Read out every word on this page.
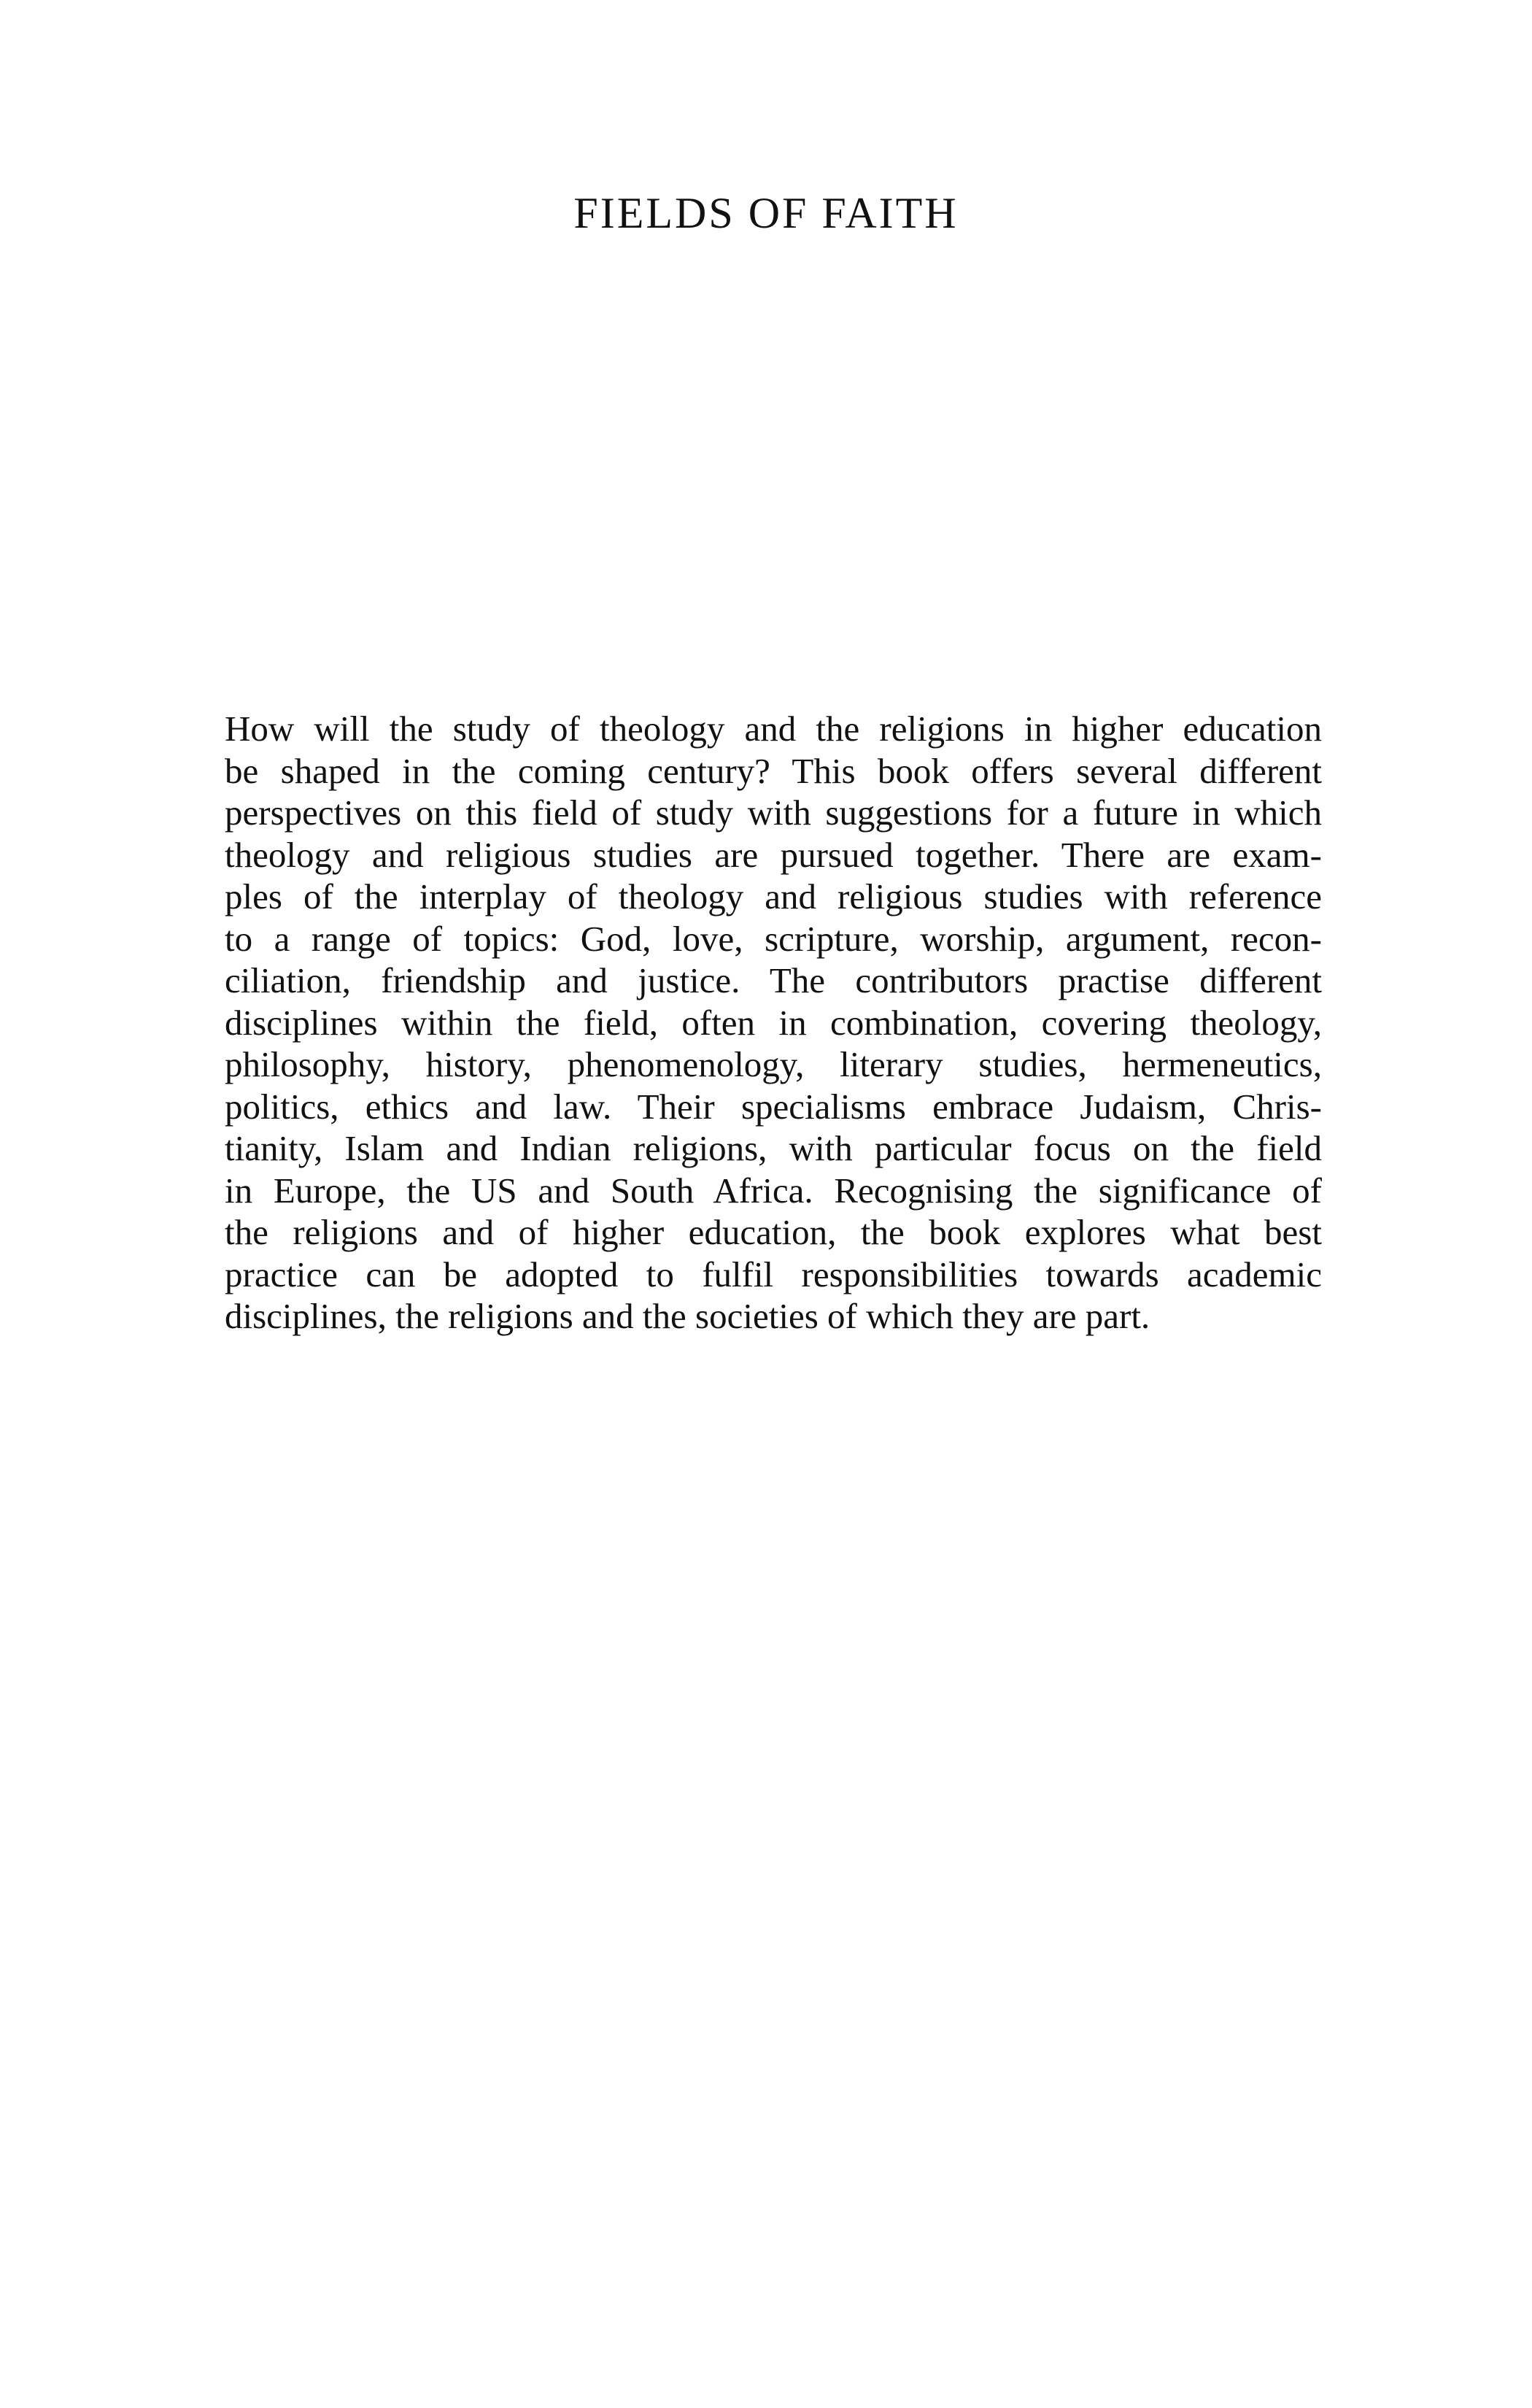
FIELDS OF FAITH

How will the study of theology and the religions in higher education
be shaped in the coming century? This book offers several different
perspectives on this field of study with suggestions for a future in which
theology and religious studies are pursued together. There are exam-
ples of the interplay of theology and religious studies with reference
to a range of topics: God, love, scripture, worship, argument, recon-
ciliation, friendship and justice. The contributors practise different
disciplines within the field, often in combination, covering theology,
philosophy, history, phenomenology, literary studies, hermeneutics,
politics, ethics and law. Their specialisms embrace Judaism, Chris-
tianity, Islam and Indian religions, with particular focus on the field
in Europe, the US and South Africa. Recognising the significance of
the religions and of higher education, the book explores what best
practice can be adopted to fulfil responsibilities towards academic
disciplines, the religions and the societies of which they are part.
